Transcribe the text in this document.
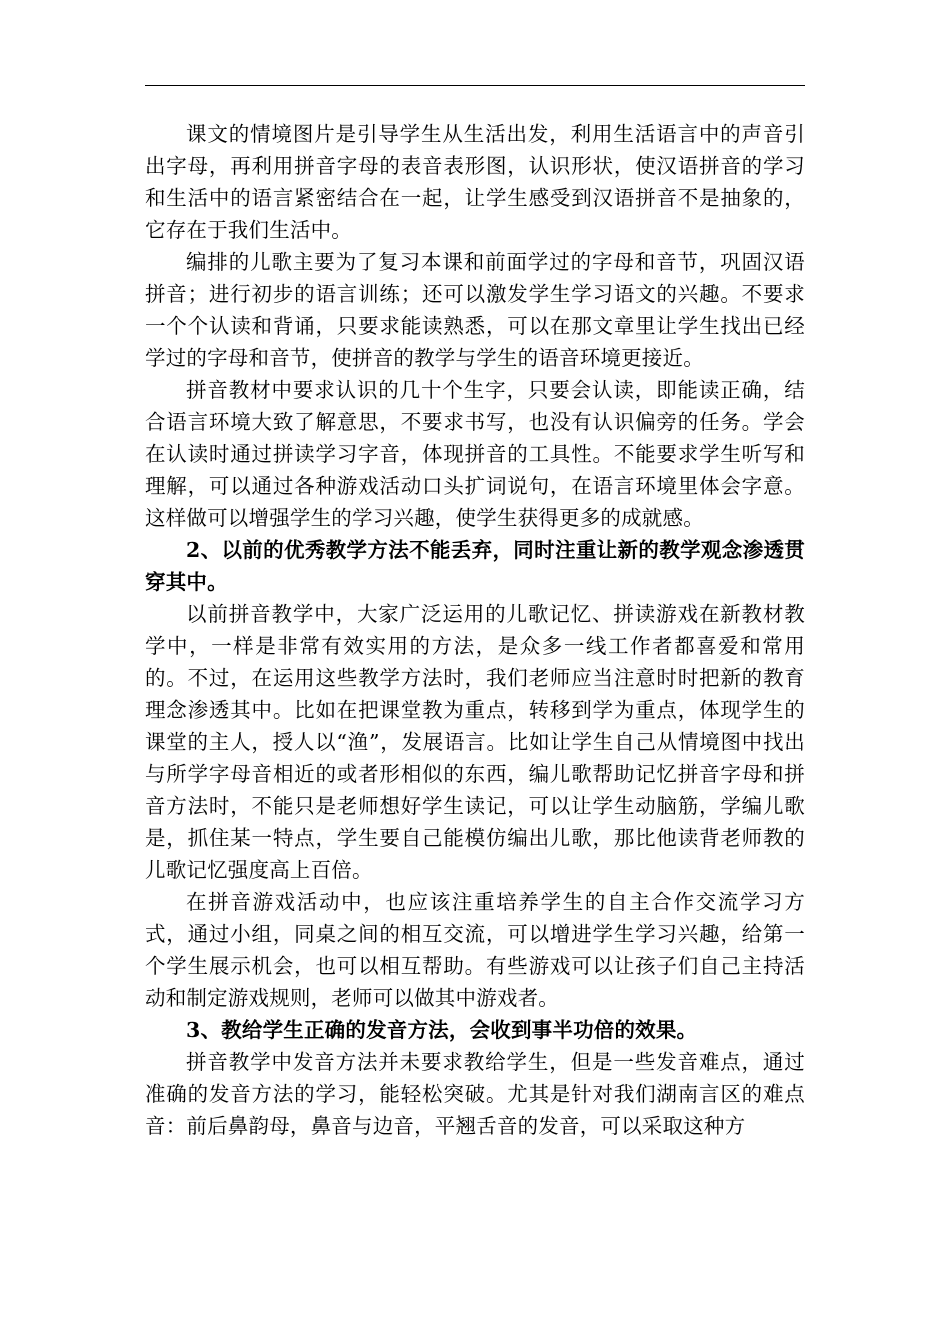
课文的情境图片是引导学生从生活出发，利用生活语言中的声音引出字母，再利用拼音字母的表音表形图，认识形状，使汉语拼音的学习和生活中的语言紧密结合在一起，让学生感受到汉语拼音不是抽象的，它存在于我们生活中。

编排的儿歌主要为了复习本课和前面学过的字母和音节，巩固汉语拼音；进行初步的语言训练；还可以激发学生学习语文的兴趣。不要求一个个认读和背诵，只要求能读熟悉，可以在那文章里让学生找出已经学过的字母和音节，使拼音的教学与学生的语音环境更接近。

拼音教材中要求认识的几十个生字，只要会认读，即能读正确，结合语言环境大致了解意思，不要求书写，也没有认识偏旁的任务。学会在认读时通过拼读学习字音，体现拼音的工具性。不能要求学生听写和理解，可以通过各种游戏活动口头扩词说句，在语言环境里体会字意。这样做可以增强学生的学习兴趣，使学生获得更多的成就感。

2、以前的优秀教学方法不能丢弃，同时注重让新的教学观念渗透贯穿其中。

以前拼音教学中，大家广泛运用的儿歌记忆、拼读游戏在新教材教学中，一样是非常有效实用的方法，是众多一线工作者都喜爱和常用的。不过，在运用这些教学方法时，我们老师应当注意时时把新的教育理念渗透其中。比如在把课堂教为重点，转移到学为重点，体现学生的课堂的主人，授人以“渔”，发展语言。比如让学生自己从情境图中找出与所学字母音相近的或者形相似的东西，编儿歌帮助记忆拼音字母和拼音方法时，不能只是老师想好学生读记，可以让学生动脑筋，学编儿歌是，抓住某一特点，学生要自己能模仿编出儿歌，那比他读背老师教的儿歌记忆强度高上百倍。

在拼音游戏活动中，也应该注重培养学生的自主合作交流学习方式，通过小组，同桌之间的相互交流，可以增进学生学习兴趣，给第一个学生展示机会，也可以相互帮助。有些游戏可以让孩子们自己主持活动和制定游戏规则，老师可以做其中游戏者。

3、教给学生正确的发音方法，会收到事半功倍的效果。

拼音教学中发音方法并未要求教给学生，但是一些发音难点，通过准确的发音方法的学习，能轻松突破。尤其是针对我们湖南言区的难点音：前后鼻韵母，鼻音与边音，平翘舌音的发音，可以采取这种方
